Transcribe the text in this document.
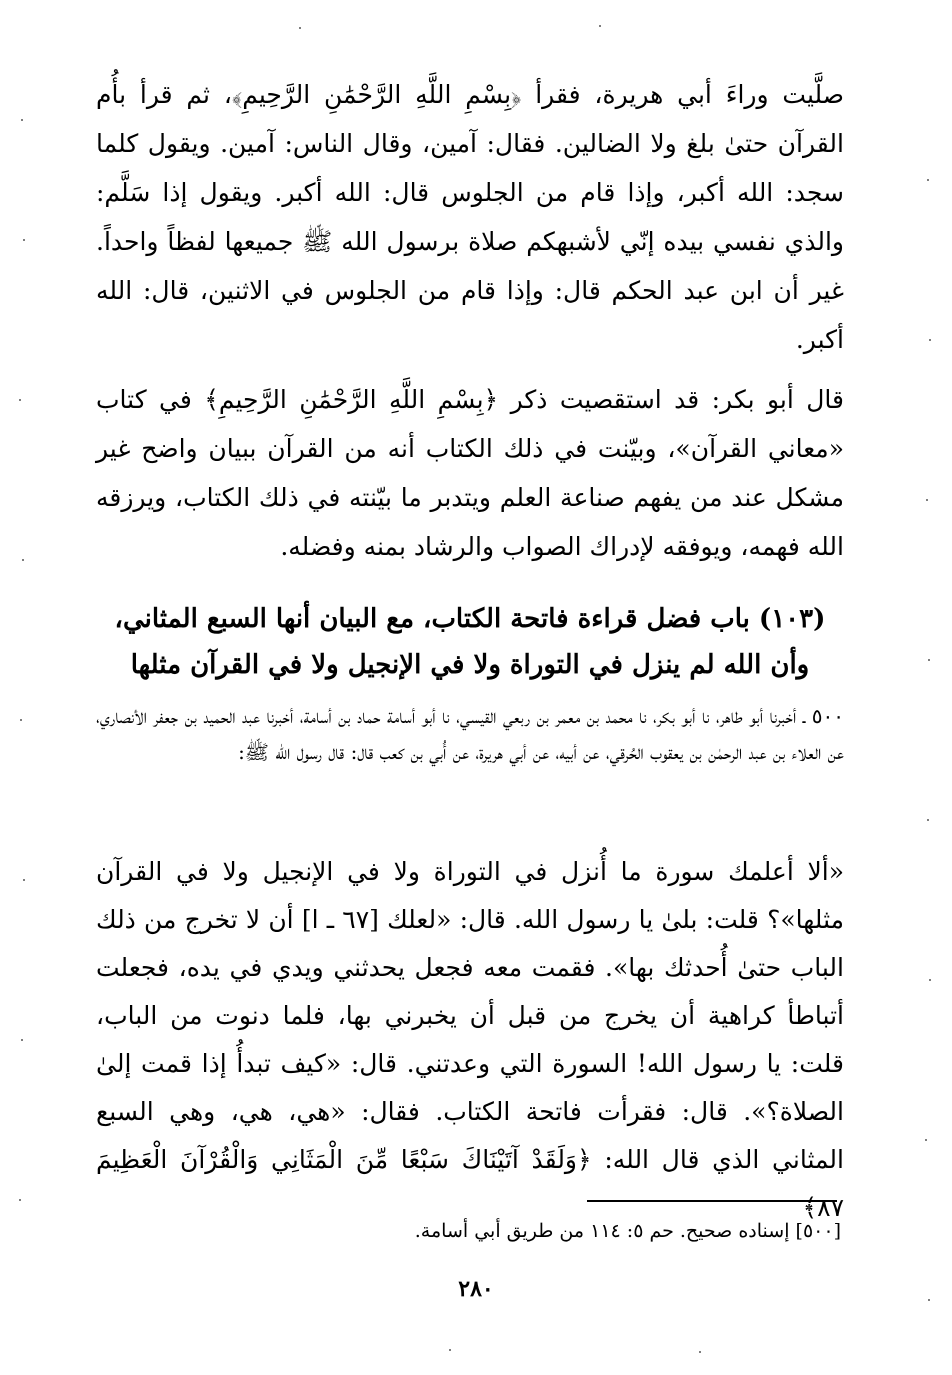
صلَّيت وراءَ أبي هريرة، فقرأ ﴿بِسْمِ اللَّهِ الرَّحْمَٰنِ الرَّحِيمِ﴾، ثم قرأ بأُم القرآن حتىٰ بلغ ولا الضالين. فقال: آمين، وقال الناس: آمين. ويقول كلما سجد: الله أكبر، وإذا قام من الجلوس قال: الله أكبر. ويقول إذا سَلَّم: والذي نفسي بيده إنّي لأشبهكم صلاة برسول الله ﷺ جميعها لفظاً واحداً. غير أن ابن عبد الحكم قال: وإذا قام من الجلوس في الاثنين، قال: الله أكبر.

قال أبو بكر: قد استقصيت ذكر ﴿بِسْمِ اللَّهِ الرَّحْمَٰنِ الرَّحِيمِ﴾ في كتاب «معاني القرآن»، وبيّنت في ذلك الكتاب أنه من القرآن ببيان واضح غير مشكل عند من يفهم صناعة العلم ويتدبر ما بيّنته في ذلك الكتاب، ويرزقه الله فهمه، ويوفقه لإدراك الصواب والرشاد بمنه وفضله.

(١٠٣) باب فضل قراءة فاتحة الكتاب، مع البيان أنها السبع المثاني،
وأن الله لم ينزل في التوراة ولا في الإنجيل ولا في القرآن مثلها

٥٠٠ ـ أخبرنا أبو طاهر، نا أبو بكر، نا محمد بن معمر بن ربعي القيسي، نا أبو أسامة حماد بن أسامة، أخبرنا عبد الحميد بن جعفر الأنصاري، عن العلاء بن عبد الرحمٰن بن يعقوب الحُرقي، عن أبيه، عن أبي هريرة، عن أُبي بن كعب قال: قال رسول الله ﷺ:

«ألا أعلمك سورة ما أُنزل في التوراة ولا في الإنجيل ولا في القرآن مثلها»؟ قلت: بلىٰ يا رسول الله. قال: «لعلك [٦٧ ـ ا] أن لا تخرج من ذلك الباب حتىٰ أُحدثك بها». فقمت معه فجعل يحدثني ويدي في يده، فجعلت أتباطأ كراهية أن يخرج من قبل أن يخبرني بها، فلما دنوت من الباب، قلت: يا رسول الله! السورة التي وعدتني. قال: «كيف تبدأُ إذا قمت إلىٰ الصلاة؟». قال: فقرأت فاتحة الكتاب. فقال: «هي، هي، وهي السبع المثاني الذي قال الله: ﴿وَلَقَدْ آتَيْنَاكَ سَبْعًا مِّنَ الْمَثَانِي وَالْقُرْآنَ الْعَظِيمَ ٨٧﴾

[٥٠٠] إسناده صحيح. حم ٥: ١١٤ من طريق أبي أسامة.

٢٨٠
